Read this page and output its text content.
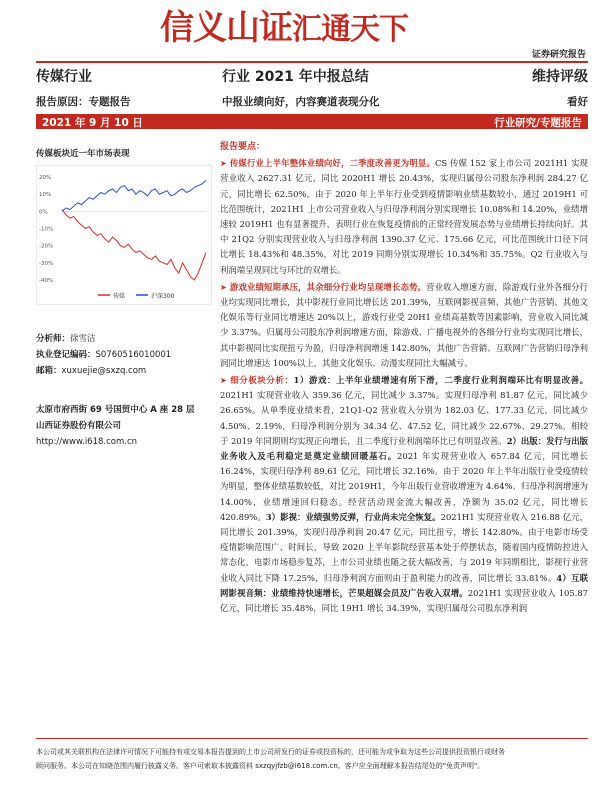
信义山证汇通天下
证券研究报告
传媒行业	行业 2021 年中报总结	维持评级
报告原因：专题报告	中报业绩向好，内容赛道表现分化	看好
2021 年 9 月 10 日	行业研究/专题报告
传媒板块近一年市场表现
20%
10%
0%
-10%
-20%
-30%
-40%
传媒	沪深300
分析师：徐雪洁
执业登记编码：S0760516010001
邮箱：xuxuejie@sxzq.com
太原市府西街 69 号国贸中心 A 座 28 层
山西证券股份有限公司
http://www.i618.com.cn
报告要点：

➤ 传媒行业上半年整体业绩向好，二季度改善更为明显。CS 传媒 152 家上市公司 2021H1 实现营业收入 2627.31 亿元，同比 2020H1 增长 20.43%，实现归属母公司股东净利润 284.27 亿元，同比增长 62.50%。由于 2020 年上半年行业受到疫情影响业绩基数较小，通过 2019H1 可比范围统计，2021H1 上市公司营业收入与归母净利润分别实现增长 10.08%和 14.20%，业绩增速较 2019H1 也有显著提升，表明行业在恢复疫情前的正常经营发展态势与业绩增长持续向好。其中 21Q2 分别实现营业收入与归母净利润 1390.37 亿元、175.66 亿元，可比范围统计口径下同比增长 18.43%和 48.35%，对比 2019 同期分别实现增长 10.34%和 35.75%。Q2 行业收入与利润端呈现同比与环比的双增长。

➤ 游戏业绩短期承压，其余细分行业均呈现增长态势。营业收入增速方面，除游戏行业外各细分行业均实现同比增长，其中影视行业同比增长达 201.39%，互联网影视音频、其他广告营销、其他文化娱乐等行业同比增速达 20%以上，游戏行业受 20H1 业绩高基数等因素影响，营业收入同比减少 3.37%。归属母公司股东净利润增速方面，除游戏、广播电视外的各细分行业均实现同比增长，其中影视同比实现扭亏为盈，归母净利润增速 142.80%，其他广告营销、互联网广告营销归母净利润同比增速达 100%以上，其他文化娱乐、动漫实现同比大幅减亏。

➤ 细分板块分析：1）游戏：上半年业绩增速有所下滑，二季度行业利润端环比有明显改善。2021H1 实现营业收入 359.36 亿元，同比减少 3.37%。实现归母净利 81.87 亿元，同比减少 26.65%。从单季度业绩来看，21Q1-Q2 营业收入分别为 182.03 亿、177.33 亿元，同比减少 4.50%、2.19%，归母净利润分别为 34.34 亿、47.52 亿，同比减少 22.67%、29.27%。相较于 2019 年同期则均实现正向增长，且二季度行业利润端环比已有明显改善。2）出版：发行与出版业务收入及毛利稳定是奠定业绩回暖基石。2021 年实现营业收入 657.84 亿元，同比增长 16.24%，实现归母净利 89.61 亿元，同比增长 32.16%。由于 2020 年上半年出版行业受疫情较为明显，整体业绩基数较低，对比 2019H1，今年出版行业营收增速为 4.64%、归母净利润增速为 14.00%，业绩增速回归稳态。经营活动现金流大幅改善，净额为 35.02 亿元，同比增长 420.89%。3）影视：业绩强势反弹，行业尚未完全恢复。2021H1 实现营业收入 216.88 亿元，同比增长 201.39%，实现归母净利润 20.47 亿元，同比扭亏，增长 142.80%。由于电影市场受疫情影响范围广、时间长，导致 2020 上半年影院经营基本处于停摆状态，随着国内疫情防控进入常态化，电影市场稳步复苏，上市公司业绩也随之获大幅改善，与 2019 年同期相比，影视行业营业收入同比下降 17.25%，归母净利润方面则由于盈利能力的改善，同比增长 33.81%。4）互联网影视音频：业绩维持快速增长，芒果超媒会员及广告收入双增。2021H1 实现营业收入 105.87 亿元，同比增长 35.48%，同比 19H1 增长 34.39%，实现归属母公司股东净利润

本公司或其关联机构在法律许可情况下可能持有或交易本报告提到的上市公司所发行的证券或投资标的，还可能为或争取为这些公司提供投资银行或财务
顾问服务。本公司在知晓范围内履行披露义务。客户可索取本披露资料 sxzqyjfzb@i618.com.cn。客户应全面理解本报告结尾处的"免责声明"。
